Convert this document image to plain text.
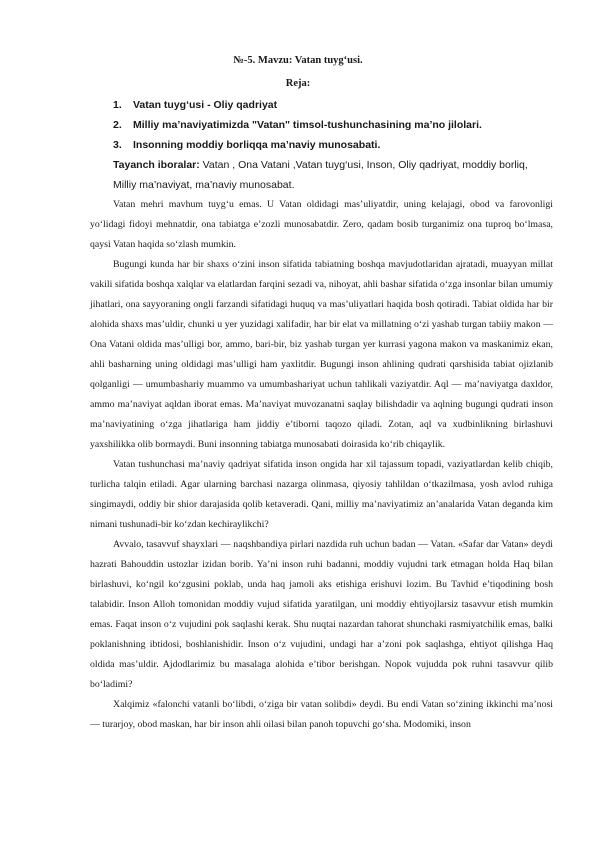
№-5. Mavzu: Vatan tuyg‘usi.
Reja:
1.	Vatan tuyg‘usi - Oliy qadriyat
2.	Milliy ma’naviyatimizda "Vatan" timsol-tushunchasining ma’no jilolari.
3.	Insonning moddiy borliqqa ma’naviy munosabati.
Tayanch iboralar: Vatan , Ona Vatani ,Vatan tuyg‘usi, Inson, Oliy qadriyat, moddiy borliq, Milliy ma’naviyat, ma’naviy munosabat.

Vatan mehri mavhum tuyg‘u emas. U Vatan oldidagi mas’uliyatdir, uning kelajagi, obod va farovonligi yo‘lidagi fidoyi mehnatdir, ona tabiatga e’zozli munosabatdir. Zero, qadam bosib turganimiz ona tuproq bo‘lmasa, qaysi Vatan haqida so‘zlash mumkin.

Bugungi kunda har bir shaxs o‘zini inson sifatida tabiatning boshqa mavjudotlaridan ajratadi, muayyan millat vakili sifatida boshqa xalqlar va elatlardan farqini sezadi va, nihoyat, ahli bashar sifatida o‘zga insonlar bilan umumiy jihatlari, ona sayyoraning ongli farzandi sifatidagi huquq va mas’uliyatlari haqida bosh qotiradi. Tabiat oldida har bir alohida shaxs mas’uldir, chunki u yer yuzidagi xalifadir, har bir elat va millatning o‘zi yashab turgan tabiiy makon — Ona Vatani oldida mas’ulligi bor, ammo, bari-bir, biz yashab turgan yer kurrasi yagona makon va maskanimiz ekan, ahli basharning uning oldidagi mas’ulligi ham yaxlitdir. Bugungi inson ahlining qudrati qarshisida tabiat ojizlanib qolganligi — umumbashariy muammo va umumbashariyat uchun tahlikali vaziyatdir. Aql — ma’naviyatga daxldor, ammo ma’naviyat aqldan iborat emas. Ma’naviyat muvozanatni saqlay bilishdadir va aqlning bugungi qudrati inson ma’naviyatining o‘zga jihatlariga ham jiddiy e’tiborni taqozo qiladi. Zotan, aql va xudbinlikning birlashuvi yaxshilikka olib bormaydi. Buni insonning tabiatga munosabati doirasida ko‘rib chiqaylik.

Vatan tushunchasi ma’naviy qadriyat sifatida inson ongida har xil tajassum topadi, vaziyatlardan kelib chiqib, turlicha talqin etiladi. Agar ularning barchasi nazarga olinmasa, qiyosiy tahlildan o‘tkazilmasa, yosh avlod ruhiga singimaydi, oddiy bir shior darajasida qolib ketaveradi. Qani, milliy ma’naviyatimiz an’analarida Vatan deganda kim nimani tushunadi-bir ko‘zdan kechiraylikchi?

Avvalo, tasavvuf shayxlari — naqshbandiya pirlari nazdida ruh uchun badan — Vatan. «Safar dar Vatan» deydi hazrati Bahouddin ustozlar izidan borib. Ya’ni inson ruhi badanni, moddiy vujudni tark etmagan holda Haq bilan birlashuvi, ko‘ngil ko‘zgusini poklab, unda haq jamoli aks etishiga erishuvi lozim. Bu Tavhid e’tiqodining bosh talabidir. Inson Alloh tomonidan moddiy vujud sifatida yaratilgan, uni moddiy ehtiyojlarsiz tasavvur etish mumkin emas. Faqat inson o‘z vujudini pok saqlashi kerak. Shu nuqtai nazardan tahorat shunchaki rasmiyatchilik emas, balki poklanishning ibtidosi, boshlanishidir. Inson o‘z vujudini, undagi har a’zoni pok saqlashga, ehtiyot qilishga Haq oldida mas’uldir. Ajdodlarimiz bu masalaga alohida e’tibor berishgan. Nopok vujudda pok ruhni tasavvur qilib bo‘ladimi?

Xalqimiz «falonchi vatanli bo‘libdi, o‘ziga bir vatan solibdi» deydi. Bu endi Vatan so‘zining ikkinchi ma’nosi — turarjoy, obod maskan, har bir inson ahli oilasi bilan panoh topuvchi go‘sha. Modomiki, inson
